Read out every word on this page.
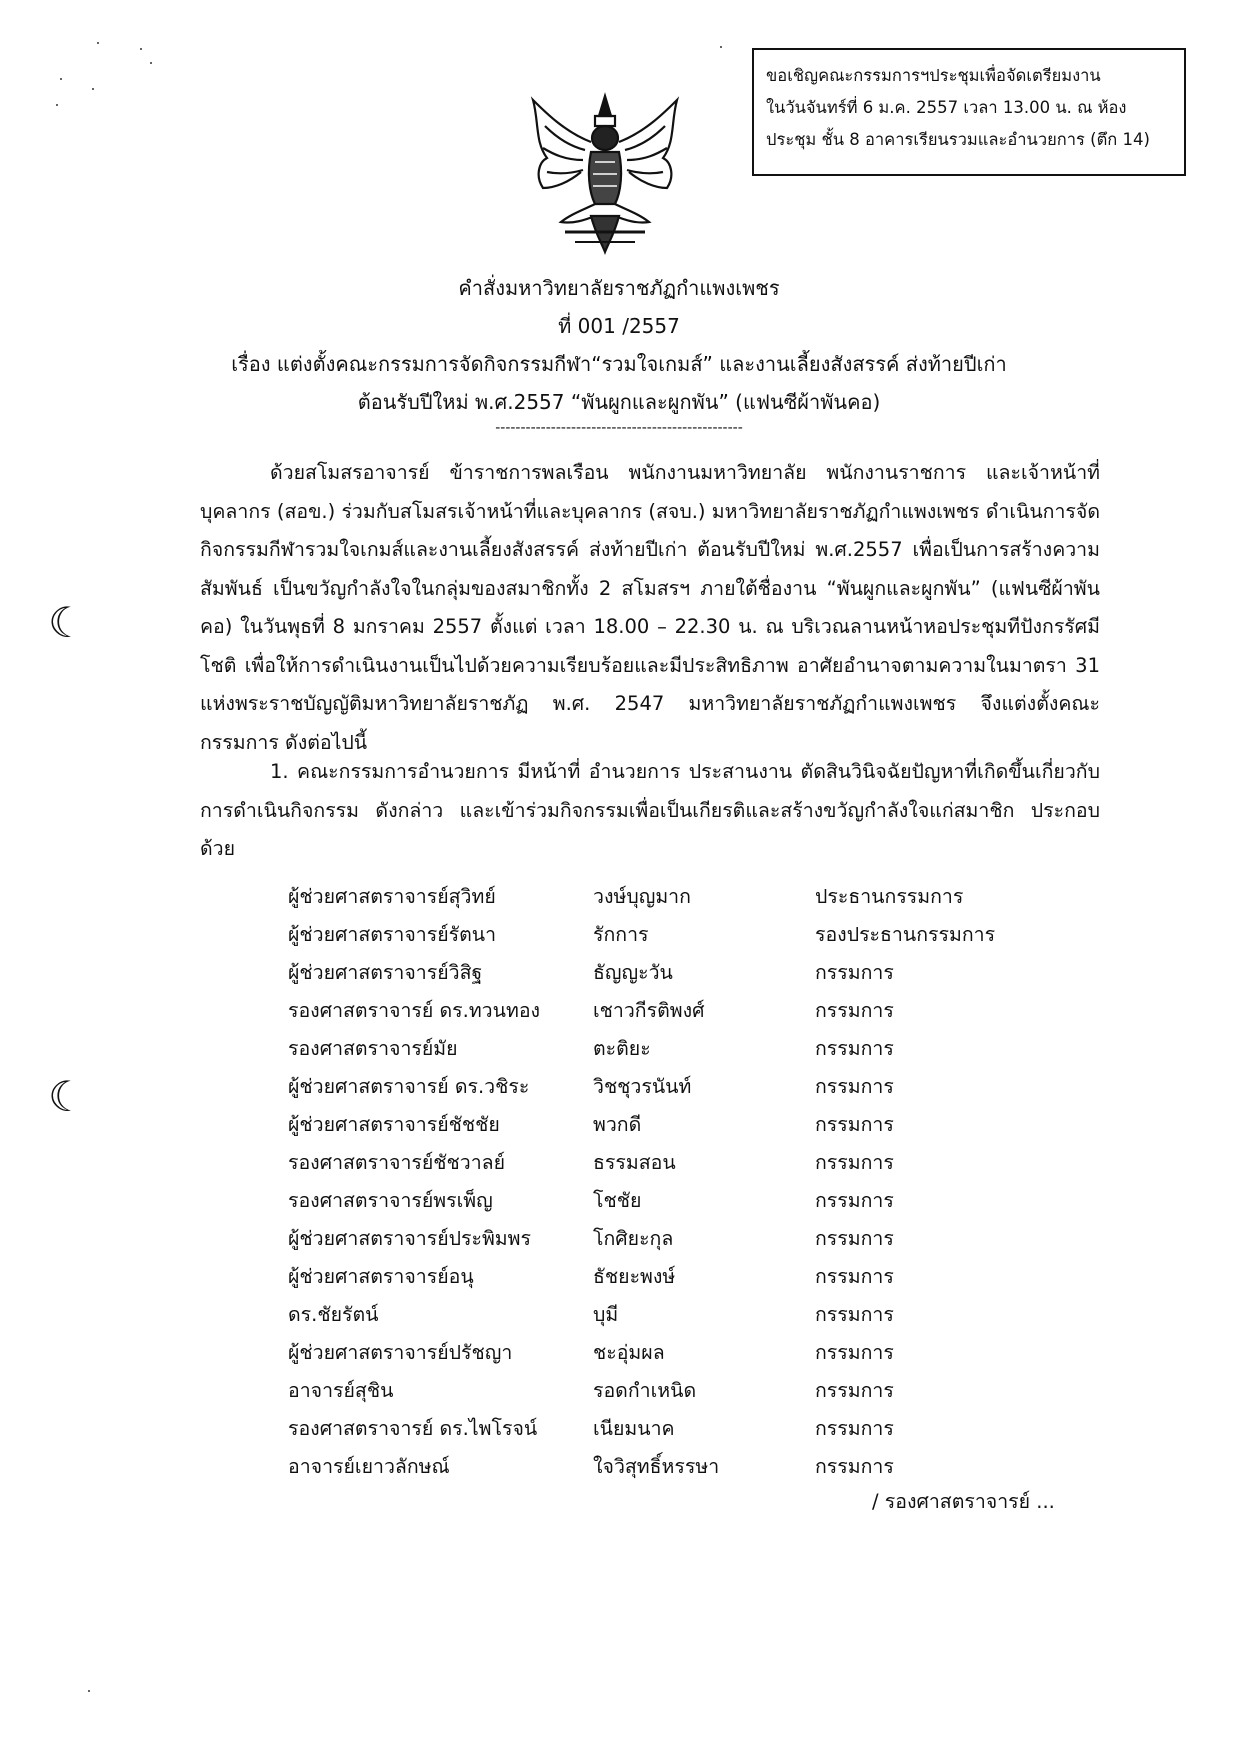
ขอเชิญคณะกรรมการฯประชุมเพื่อจัดเตรียมงาน
ในวันจันทร์ที่ 6 ม.ค. 2557 เวลา 13.00 น. ณ ห้อง
ประชุม ชั้น 8 อาคารเรียนรวมและอำนวยการ (ตึก 14)
คำสั่งมหาวิทยาลัยราชภัฏกำแพงเพชร
ที่ 001 /2557
เรื่อง แต่งตั้งคณะกรรมการจัดกิจกรรมกีฬา“รวมใจเกมส์” และงานเลี้ยงสังสรรค์ ส่งท้ายปีเก่า
ต้อนรับปีใหม่ พ.ศ.2557 “พันผูกและผูกพัน” (แฟนซีผ้าพันคอ)
-------------------------------------------------
ด้วยสโมสรอาจารย์ ข้าราชการพลเรือน พนักงานมหาวิทยาลัย พนักงานราชการ และเจ้าหน้าที่บุคลากร (สอข.) ร่วมกับสโมสรเจ้าหน้าที่และบุคลากร (สจบ.) มหาวิทยาลัยราชภัฏกำแพงเพชร ดำเนินการจัดกิจกรรมกีฬารวมใจเกมส์และงานเลี้ยงสังสรรค์ ส่งท้ายปีเก่า ต้อนรับปีใหม่ พ.ศ.2557 เพื่อเป็นการสร้างความสัมพันธ์ เป็นขวัญกำลังใจในกลุ่มของสมาชิกทั้ง 2 สโมสรฯ ภายใต้ชื่องาน “พันผูกและผูกพัน” (แฟนซีผ้าพันคอ) ในวันพุธที่ 8 มกราคม 2557 ตั้งแต่ เวลา 18.00 – 22.30 น. ณ บริเวณลานหน้าหอประชุมทีปังกรรัศมีโชติ เพื่อให้การดำเนินงานเป็นไปด้วยความเรียบร้อยและมีประสิทธิภาพ อาศัยอำนาจตามความในมาตรา 31 แห่งพระราชบัญญัติมหาวิทยาลัยราชภัฏ พ.ศ. 2547 มหาวิทยาลัยราชภัฏกำแพงเพชร จึงแต่งตั้งคณะกรรมการ ดังต่อไปนี้
1. คณะกรรมการอำนวยการ มีหน้าที่ อำนวยการ ประสานงาน ตัดสินวินิจฉัยปัญหาที่เกิดขึ้นเกี่ยวกับการดำเนินกิจกรรม ดังกล่าว และเข้าร่วมกิจกรรมเพื่อเป็นเกียรติและสร้างขวัญกำลังใจแก่สมาชิก ประกอบด้วย
ผู้ช่วยศาสตราจารย์สุวิทย์	วงษ์บุญมาก	ประธานกรรมการ
ผู้ช่วยศาสตราจารย์รัตนา	รักการ	รองประธานกรรมการ
ผู้ช่วยศาสตราจารย์วิสิฐ	ธัญญะวัน	กรรมการ
รองศาสตราจารย์ ดร.ทวนทอง	เชาวกีรติพงศ์	กรรมการ
รองศาสตราจารย์มัย	ตะติยะ	กรรมการ
ผู้ช่วยศาสตราจารย์ ดร.วชิระ	วิชชุวรนันท์	กรรมการ
ผู้ช่วยศาสตราจารย์ชัชชัย	พวกดี	กรรมการ
รองศาสตราจารย์ชัชวาลย์	ธรรมสอน	กรรมการ
รองศาสตราจารย์พรเพ็ญ	โชชัย	กรรมการ
ผู้ช่วยศาสตราจารย์ประพิมพร	โกศิยะกุล	กรรมการ
ผู้ช่วยศาสตราจารย์อนุ	ธัชยะพงษ์	กรรมการ
ดร.ชัยรัตน์	บุมี	กรรมการ
ผู้ช่วยศาสตราจารย์ปรัชญา	ชะอุ่มผล	กรรมการ
อาจารย์สุชิน	รอดกำเหนิด	กรรมการ
รองศาสตราจารย์ ดร.ไพโรจน์	เนียมนาค	กรรมการ
อาจารย์เยาวลักษณ์	ใจวิสุทธิ์หรรษา	กรรมการ
/ รองศาสตราจารย์ ...
☾
☾
